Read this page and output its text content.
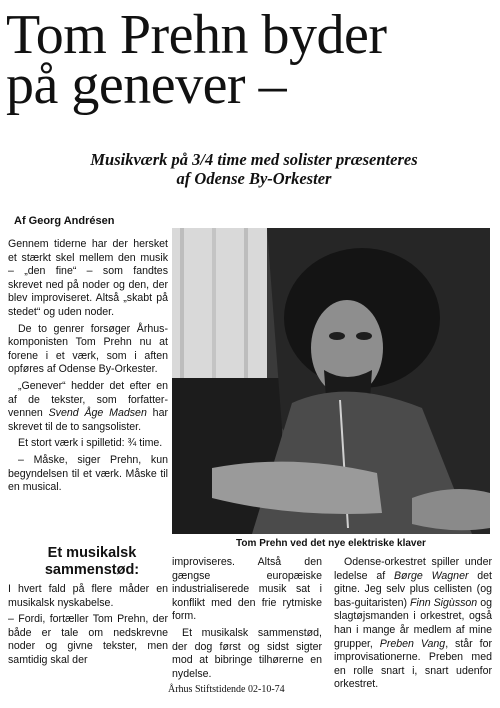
Tom Prehn byder
på genever –
Musikværk på 3/4 time med solister præsenteres
af Odense By-Orkester
Af Georg Andrésen

Gennem tiderne har der hersket et stærkt skel mellem den musik – „den fine“ – som fandtes skrevet ned på noder og den, der blev improviseret. Altså „skabt på stedet“ og uden noder.

De to genrer forsøger Århus-komponisten Tom Prehn nu at forene i et værk, som i aften opføres af Odense By-Orkester.

„Genever“ hedder det efter en af de tekster, som forfatter-vennen Svend Åge Madsen har skrevet til de to sangsolister.

Et stort værk i spilletid: ¾ time.

– Måske, siger Prehn, kun begyndelsen til et værk. Måske til en musical.

Tom Prehn ved det nye elektriske klaver
Et musikalsk sammenstød:

I hvert fald på flere måder en musikalsk nyskabelse.

– Fordi, fortæller Tom Prehn, der både er tale om nedskrevne noder og givne tekster, men samtidig skal der

improviseres. Altså den gængse europæiske industrialiserede musik sat i konflikt med den frie rytmiske form.

Et musikalsk sammenstød, der dog først og sidst sigter mod at bibringe tilhørerne en nydelse.

Odense-orkestret spiller under ledelse af Børge Wagner det gitne. Jeg selv plus cellisten (og bas-guitaristen) Finn Sigùsson og slagtøjsmanden i orkestret, også han i mange år medlem af mine grupper, Preben Vang, står for improvisationerne. Preben med en rolle snart i, snart udenfor orkestret.

Århus Stiftstidende 02-10-74
